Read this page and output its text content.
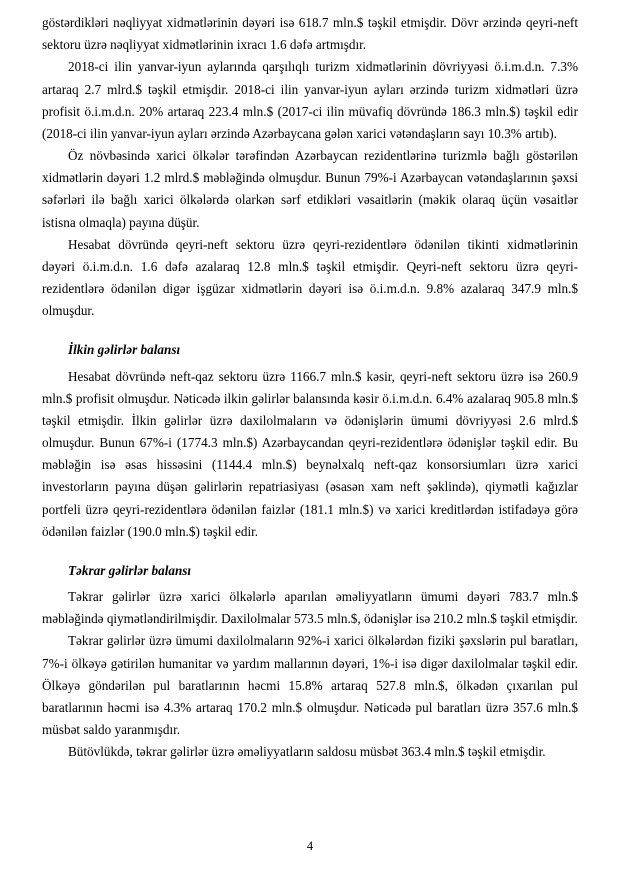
göstərdikləri nəqliyyat xidmətlərinin dəyəri isə 618.7 mln.$ təşkil etmişdir. Dövr ərzində qeyri-neft sektoru üzrə nəqliyyat xidmətlərinin ixracı 1.6 dəfə artmışdır.

2018-ci ilin yanvar-iyun aylarında qarşılıqlı turizm xidmətlərinin dövriyyəsi ö.i.m.d.n. 7.3% artaraq 2.7 mlrd.$ təşkil etmişdir. 2018-ci ilin yanvar-iyun ayları ərzində turizm xidmətləri üzrə profisit ö.i.m.d.n. 20% artaraq 223.4 mln.$ (2017-ci ilin müvafiq dövründə 186.3 mln.$) təşkil edir (2018-ci ilin yanvar-iyun ayları ərzində Azərbaycana gələn xarici vətəndaşların sayı 10.3% artıb).

Öz növbəsində xarici ölkələr tərəfindən Azərbaycan rezidentlərinə turizmlə bağlı göstərilən xidmətlərin dəyəri 1.2 mlrd.$ məbləğində olmuşdur. Bunun 79%-i Azərbaycan vətəndaşlarının şəxsi səfərləri ilə bağlı xarici ölkələrdə olarkən sərf etdikləri vəsaitlərin (məkik olaraq üçün vəsaitlər istisna olmaqla) payına düşür.

Hesabat dövründə qeyri-neft sektoru üzrə qeyri-rezidentlərə ödənilən tikinti xidmətlərinin dəyəri ö.i.m.d.n. 1.6 dəfə azalaraq 12.8 mln.$ təşkil etmişdir. Qeyri-neft sektoru üzrə qeyri-rezidentlərə ödənilən digər işgüzar xidmətlərin dəyəri isə ö.i.m.d.n. 9.8% azalaraq 347.9 mln.$ olmuşdur.

İlkin gəlirlər balansı

Hesabat dövründə neft-qaz sektoru üzrə 1166.7 mln.$ kəsir, qeyri-neft sektoru üzrə isə 260.9 mln.$ profisit olmuşdur. Nəticədə ilkin gəlirlər balansında kəsir ö.i.m.d.n. 6.4% azalaraq 905.8 mln.$ təşkil etmişdir. İlkin gəlirlər üzrə daxilolmaların və ödənişlərin ümumi dövriyyəsi 2.6 mlrd.$ olmuşdur. Bunun 67%-i (1774.3 mln.$) Azərbaycandan qeyri-rezidentlərə ödənişlər təşkil edir. Bu məbləğin isə əsas hissəsini (1144.4 mln.$) beynəlxalq neft-qaz konsorsiumları üzrə xarici investorların payına düşən gəlirlərin repatriasiyası (əsasən xam neft şəklində), qiymətli kağızlar portfeli üzrə qeyri-rezidentlərə ödənilən faizlər (181.1 mln.$) və xarici kreditlərdən istifadəyə görə ödənilən faizlər (190.0 mln.$) təşkil edir.

Təkrar gəlirlər balansı

Təkrar gəlirlər üzrə xarici ölkələrlə aparılan əməliyyatların ümumi dəyəri 783.7 mln.$ məbləğində qiymətləndirilmişdir. Daxilolmalar 573.5 mln.$, ödənişlər isə 210.2 mln.$ təşkil etmişdir.

Təkrar gəlirlər üzrə ümumi daxilolmaların 92%-i xarici ölkələrdən fiziki şəxslərin pul baratları, 7%-i ölkəyə gətirilən humanitar və yardım mallarının dəyəri, 1%-i isə digər daxilolmalar təşkil edir. Ölkəyə göndərilən pul baratlarının həcmi 15.8% artaraq 527.8 mln.$, ölkədən çıxarılan pul baratlarının həcmi isə 4.3% artaraq 170.2 mln.$ olmuşdur. Nəticədə pul baratları üzrə 357.6 mln.$ müsbət saldo yaranmışdır.

Bütövlükdə, təkrar gəlirlər üzrə əməliyyatların saldosu müsbət 363.4 mln.$ təşkil etmişdir.

4
